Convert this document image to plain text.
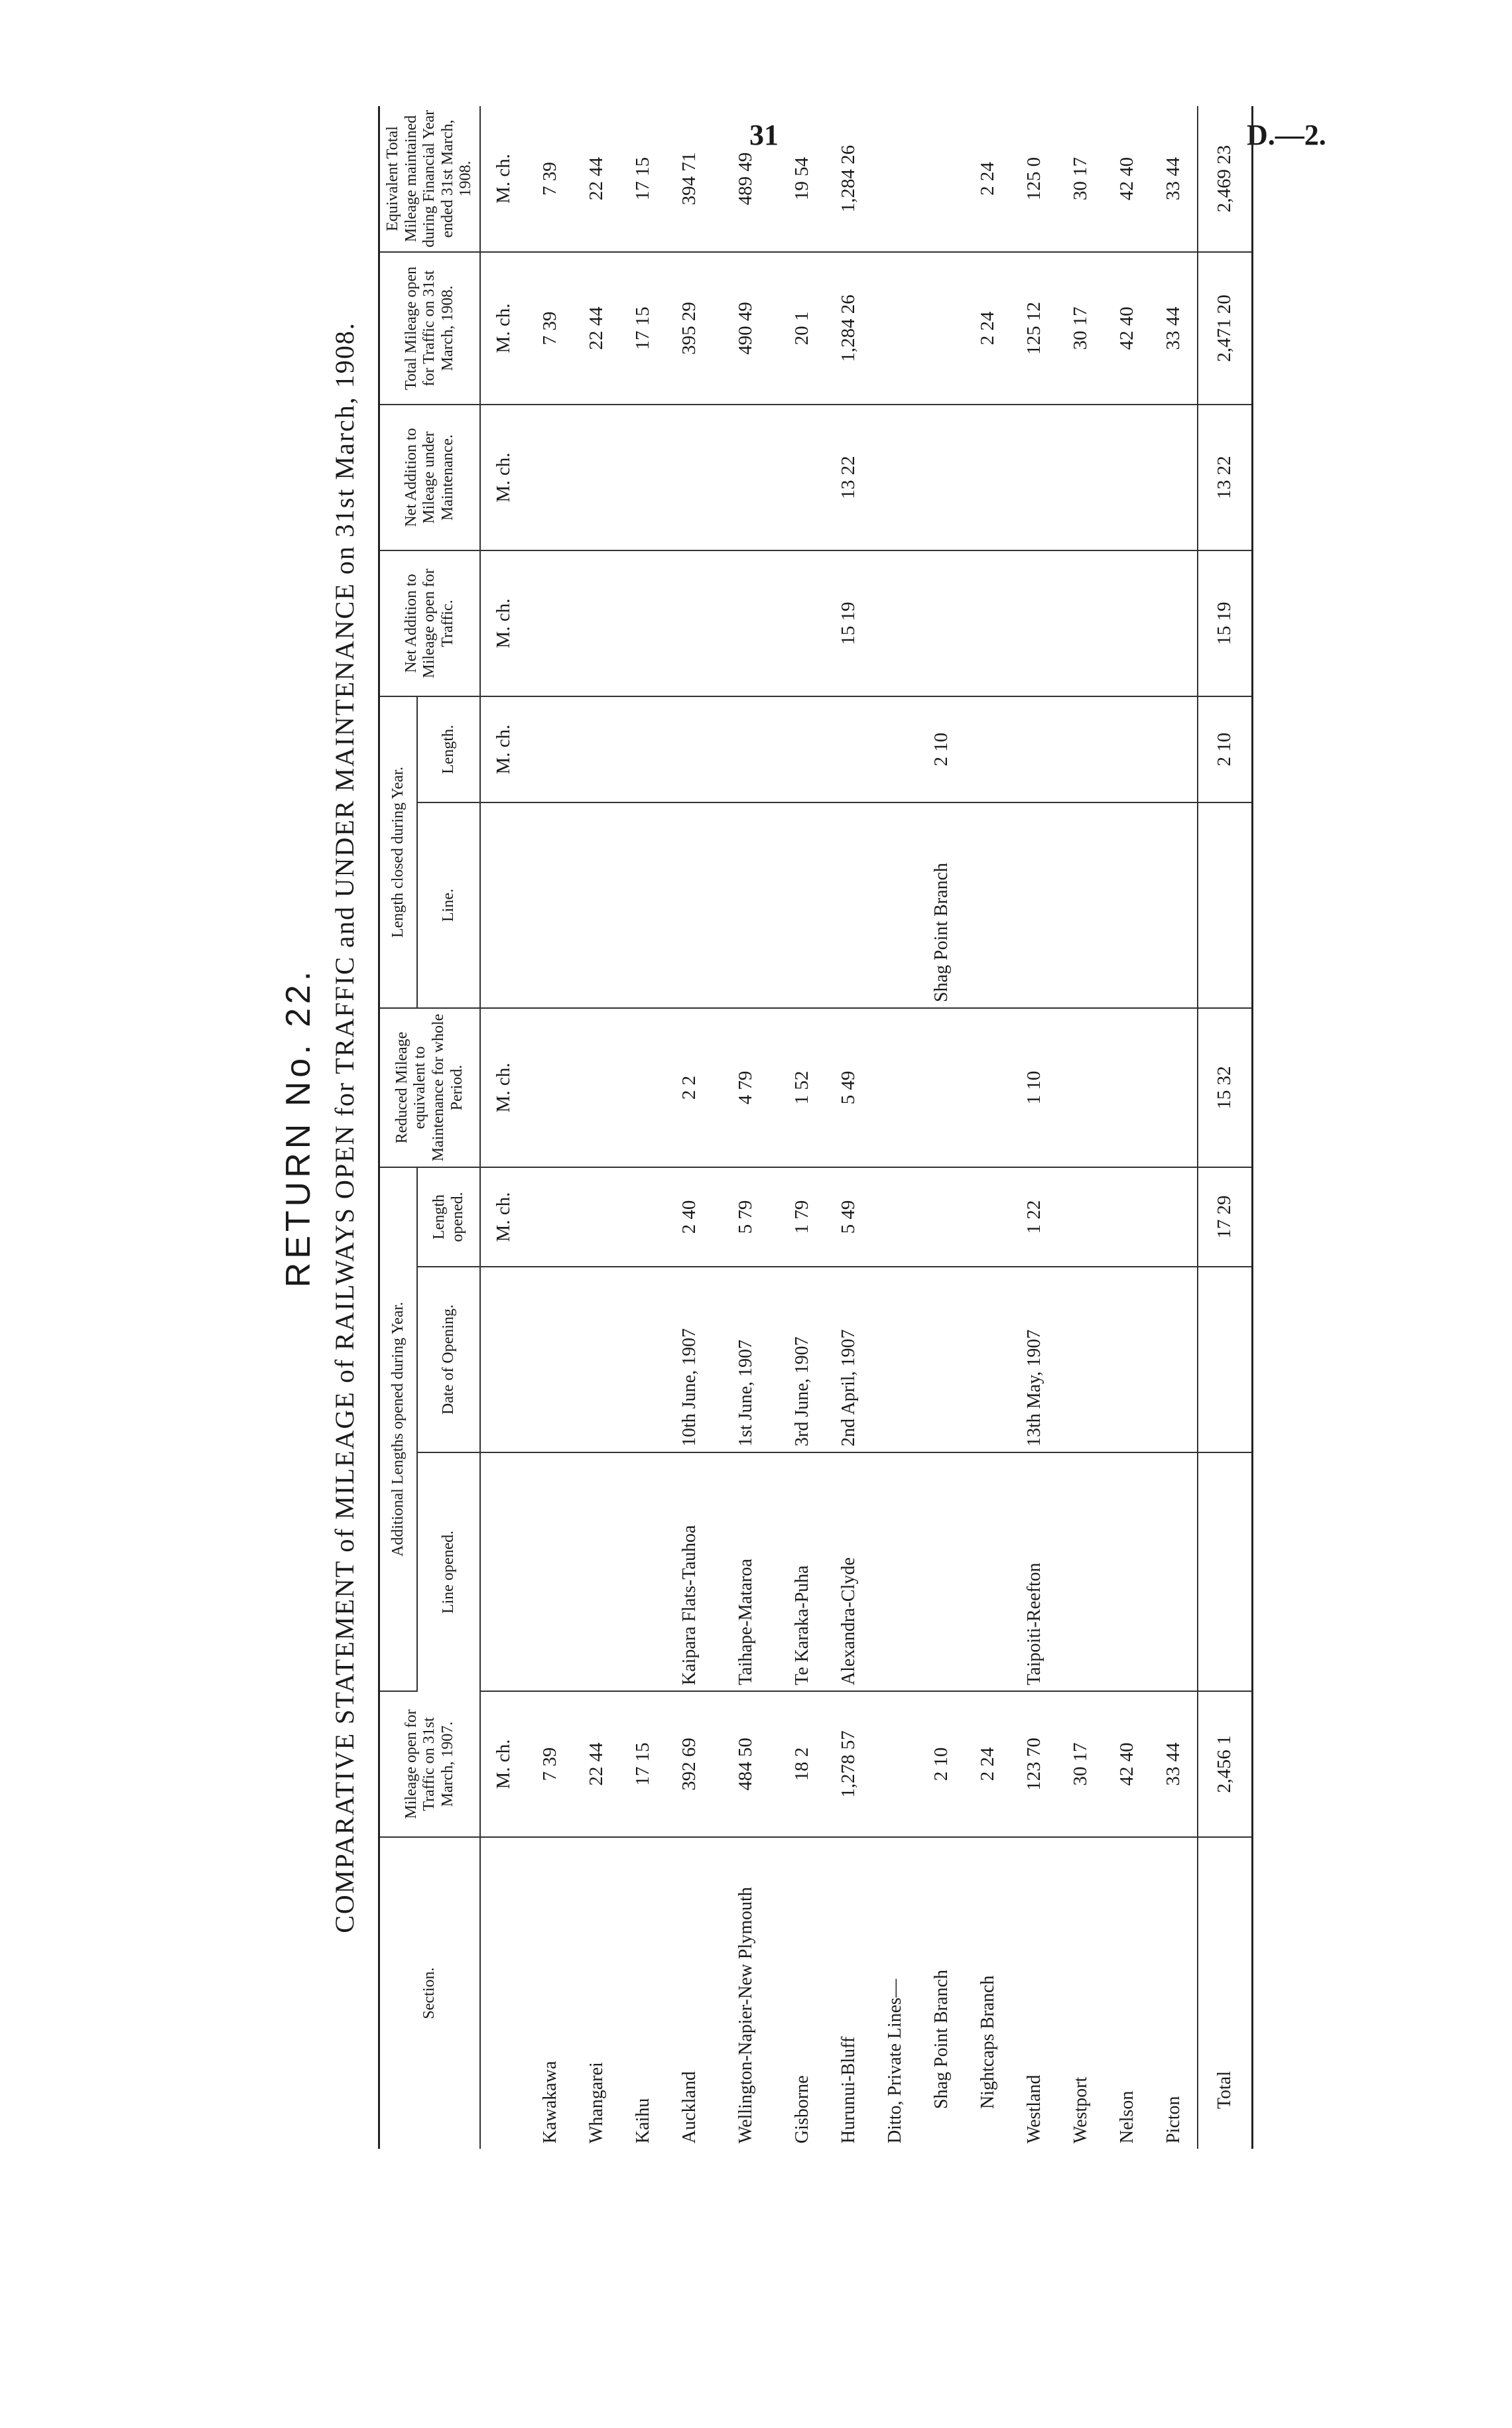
31	D.—2.
RETURN No. 22. COMPARATIVE STATEMENT of MILEAGE of RAILWAYS OPEN for TRAFFIC and UNDER MAINTENANCE on 31st March, 1908.
Section.	Mileage open for Traffic on 31st March, 1907.	Additional Lengths opened during Year.			Reduced Mileage equivalent to Maintenance for whole Period.	Length closed during Year.		Net Addition to Mileage open for Traffic.	Net Addition to Mileage under Maintenance.	Total Mileage open for Traffic on 31st March, 1908.	Equivalent Total Mileage maintained during Financial Year ended 31st March, 1908.
		Line opened.	Date of Opening.	Length opened.		Line.	Length.				
	M. ch.			M. ch.	M. ch.		M. ch.	M. ch.	M. ch.	M. ch.	M. ch.
Kawakawa	7 39									7 39	7 39
Whangarei	22 44									22 44	22 44
Kaihu	17 15									17 15	17 15
Auckland	392 69	Kaipara Flats-Tauhoa	10th June, 1907	2 40	2 2					395 29	394 71
Wellington-Napier-New Plymouth	484 50	Taihape-Mataroa	1st June, 1907	5 79	4 79					490 49	489 49
Gisborne	18 2	Te Karaka-Puha	3rd June, 1907	1 79	1 52					20 1	19 54
Hurunui-Bluff	1,278 57	Alexandra-Clyde	2nd April, 1907	5 49	5 49			15 19	13 22	1,284 26	1,284 26
Ditto, Private Lines—											
Shag Point Branch	2 10					Shag Point Branch	2 10				
Nightcaps Branch	2 24									2 24	2 24
Westland	123 70	Taipoiti-Reefton	13th May, 1907	1 22	1 10					125 12	125 0
Westport	30 17									30 17	30 17
Nelson	42 40									42 40	42 40
Picton	33 44									33 44	33 44
Total	2,456 1			17 29	15 32		2 10	15 19	13 22	2,471 20	2,469 23
